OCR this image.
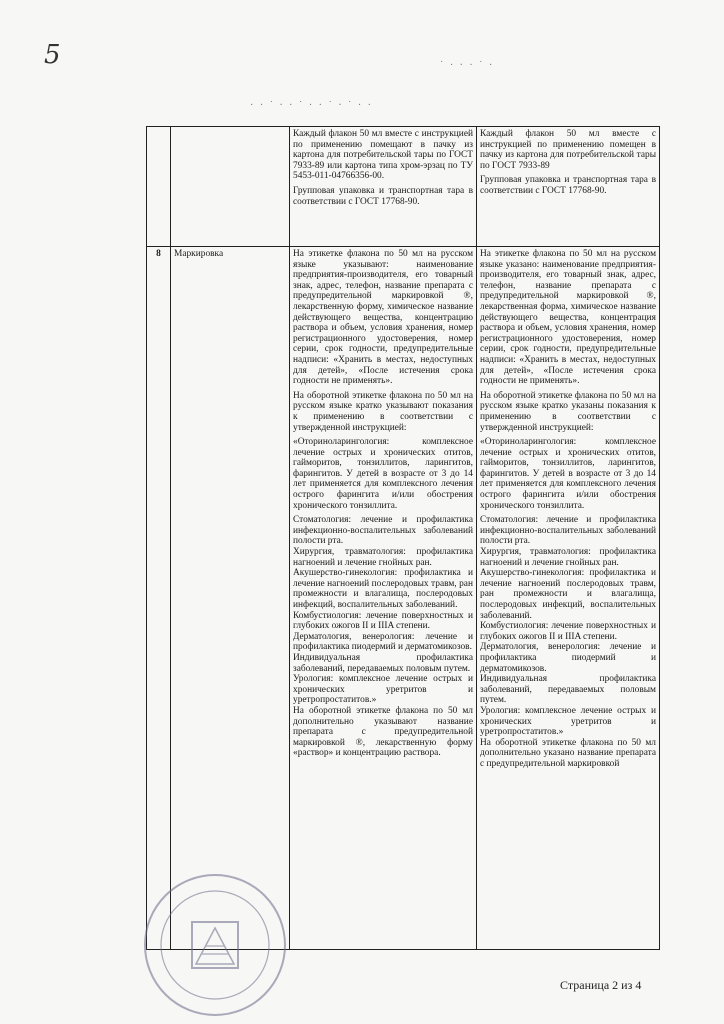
5
· · ˙ ‧ · ˙ · · ˙ ‧ ˙ · ·
˙ · ‧ · ˙ ·

Каждый флакон 50 мл вместе с инструкцией по применению помещают в пачку из картона для потребительской тары по ГОСТ 7933-89 или картона типа хром-эрзац по ТУ 5453-011-04766356-00.

Групповая упаковка и транспортная тара в соответствии с ГОСТ 17768-90.

Каждый флакон 50 мл вместе с инструкцией по применению помещен в пачку из картона для потребительской тары по ГОСТ 7933-89

Групповая упаковка и транспортная тара в соответствии с ГОСТ 17768-90.

8	Маркировка	На этикетке флакона по 50 мл на русском языке указывают: наименование предприятия-производителя, его товарный знак, адрес, телефон, название препарата с предупредительной маркировкой ®, лекарственную форму, химическое название действующего вещества, концентрацию раствора и объем, условия хранения, номер регистрационного удостоверения, номер серии, срок годности, предупредительные надписи: «Хранить в местах, недоступных для детей», «После истечения срока годности не применять».

На оборотной этикетке флакона по 50 мл на русском языке кратко указывают показания к применению в соответствии с утвержденной инструкцией:

«Оториноларингология: комплексное лечение острых и хронических отитов, гайморитов, тонзиллитов, ларингитов, фарингитов. У детей в возрасте от 3 до 14 лет применяется для комплексного лечения острого фарингита и/или обострения хронического тонзиллита.

Стоматология: лечение и профилактика инфекционно-воспалительных заболеваний полости рта.

Хирургия, травматология: профилактика нагноений и лечение гнойных ран.

Акушерство-гинекология: профилактика и лечение нагноений послеродовых травм, ран промежности и влагалища, послеродовых инфекций, воспалительных заболеваний.

Комбустиология: лечение поверхностных и глубоких ожогов II и IIIA степени.

Дерматология, венерология: лечение и профилактика пиодермий и дерматомикозов.

Индивидуальная профилактика заболеваний, передаваемых половым путем.

Урология: комплексное лечение острых и хронических уретритов и уретропростатитов.»

На оборотной этикетке флакона по 50 мл дополнительно указывают название препарата с предупредительной маркировкой ®, лекарственную форму «раствор» и концентрацию раствора.

На этикетке флакона по 50 мл на русском языке указано: наименование предприятия-производителя, его товарный знак, адрес, телефон, название препарата с предупредительной маркировкой ®, лекарственная форма, химическое название действующего вещества, концентрация раствора и объем, условия хранения, номер регистрационного удостоверения, номер серии, срок годности, предупредительные надписи: «Хранить в местах, недоступных для детей», «После истечения срока годности не применять».

На оборотной этикетке флакона по 50 мл на русском языке кратко указаны показания к применению в соответствии с утвержденной инструкцией:

«Оториноларингология: комплексное лечение острых и хронических отитов, гайморитов, тонзиллитов, ларингитов, фарингитов. У детей в возрасте от 3 до 14 лет применяется для комплексного лечения острого фарингита и/или обострения хронического тонзиллита.

Стоматология: лечение и профилактика инфекционно-воспалительных заболеваний полости рта.

Хирургия, травматология: профилактика нагноений и лечение гнойных ран.

Акушерство-гинекология: профилактика и лечение нагноений послеродовых травм, ран промежности и влагалища, послеродовых инфекций, воспалительных заболеваний.

Комбустиология: лечение поверхностных и глубоких ожогов II и IIIA степени.

Дерматология, венерология: лечение и профилактика пиодермий и дерматомикозов.

Индивидуальная профилактика заболеваний, передаваемых половым путем.

Урология: комплексное лечение острых и хронических уретритов и уретропростатитов.»

На оборотной этикетке флакона по 50 мл дополнительно указано название препарата с предупредительной маркировкой

Страница 2 из 4
